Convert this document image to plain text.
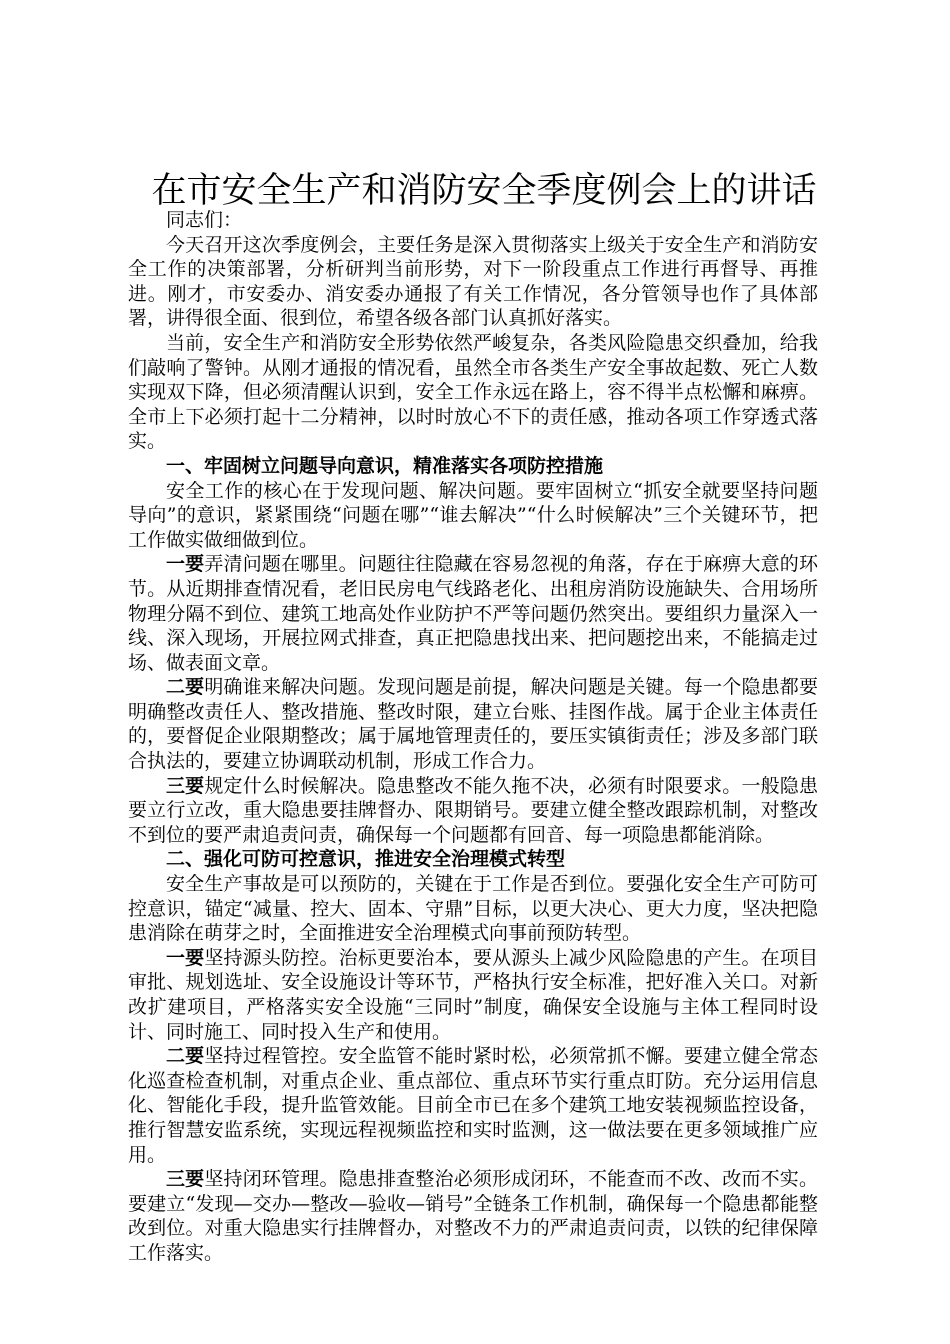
在市安全生产和消防安全季度例会上的讲话

同志们：

今天召开这次季度例会，主要任务是深入贯彻落实上级关于安全生产和消防安全工作的决策部署，分析研判当前形势，对下一阶段重点工作进行再督导、再推进。刚才，市安委办、消安委办通报了有关工作情况，各分管领导也作了具体部署，讲得很全面、很到位，希望各级各部门认真抓好落实。

当前，安全生产和消防安全形势依然严峻复杂，各类风险隐患交织叠加，给我们敲响了警钟。从刚才通报的情况看，虽然全市各类生产安全事故起数、死亡人数实现双下降，但必须清醒认识到，安全工作永远在路上，容不得半点松懈和麻痹。全市上下必须打起十二分精神，以时时放心不下的责任感，推动各项工作穿透式落实。

一、牢固树立问题导向意识，精准落实各项防控措施

安全工作的核心在于发现问题、解决问题。要牢固树立“抓安全就要坚持问题导向”的意识，紧紧围绕“问题在哪”“谁去解决”“什么时候解决”三个关键环节，把工作做实做细做到位。

一要弄清问题在哪里。问题往往隐藏在容易忽视的角落，存在于麻痹大意的环节。从近期排查情况看，老旧民房电气线路老化、出租房消防设施缺失、合用场所物理分隔不到位、建筑工地高处作业防护不严等问题仍然突出。要组织力量深入一线、深入现场，开展拉网式排查，真正把隐患找出来、把问题挖出来，不能搞走过场、做表面文章。

二要明确谁来解决问题。发现问题是前提，解决问题是关键。每一个隐患都要明确整改责任人、整改措施、整改时限，建立台账、挂图作战。属于企业主体责任的，要督促企业限期整改；属于属地管理责任的，要压实镇街责任；涉及多部门联合执法的，要建立协调联动机制，形成工作合力。

三要规定什么时候解决。隐患整改不能久拖不决，必须有时限要求。一般隐患要立行立改，重大隐患要挂牌督办、限期销号。要建立健全整改跟踪机制，对整改不到位的要严肃追责问责，确保每一个问题都有回音、每一项隐患都能消除。

二、强化可防可控意识，推进安全治理模式转型

安全生产事故是可以预防的，关键在于工作是否到位。要强化安全生产可防可控意识，锚定“减量、控大、固本、守鼎”目标，以更大决心、更大力度，坚决把隐患消除在萌芽之时，全面推进安全治理模式向事前预防转型。

一要坚持源头防控。治标更要治本，要从源头上减少风险隐患的产生。在项目审批、规划选址、安全设施设计等环节，严格执行安全标准，把好准入关口。对新改扩建项目，严格落实安全设施“三同时”制度，确保安全设施与主体工程同时设计、同时施工、同时投入生产和使用。

二要坚持过程管控。安全监管不能时紧时松，必须常抓不懈。要建立健全常态化巡查检查机制，对重点企业、重点部位、重点环节实行重点盯防。充分运用信息化、智能化手段，提升监管效能。目前全市已在多个建筑工地安装视频监控设备，推行智慧安监系统，实现远程视频监控和实时监测，这一做法要在更多领域推广应用。

三要坚持闭环管理。隐患排查整治必须形成闭环，不能查而不改、改而不实。要建立“发现—交办—整改—验收—销号”全链条工作机制，确保每一个隐患都能整改到位。对重大隐患实行挂牌督办，对整改不力的严肃追责问责，以铁的纪律保障工作落实。
